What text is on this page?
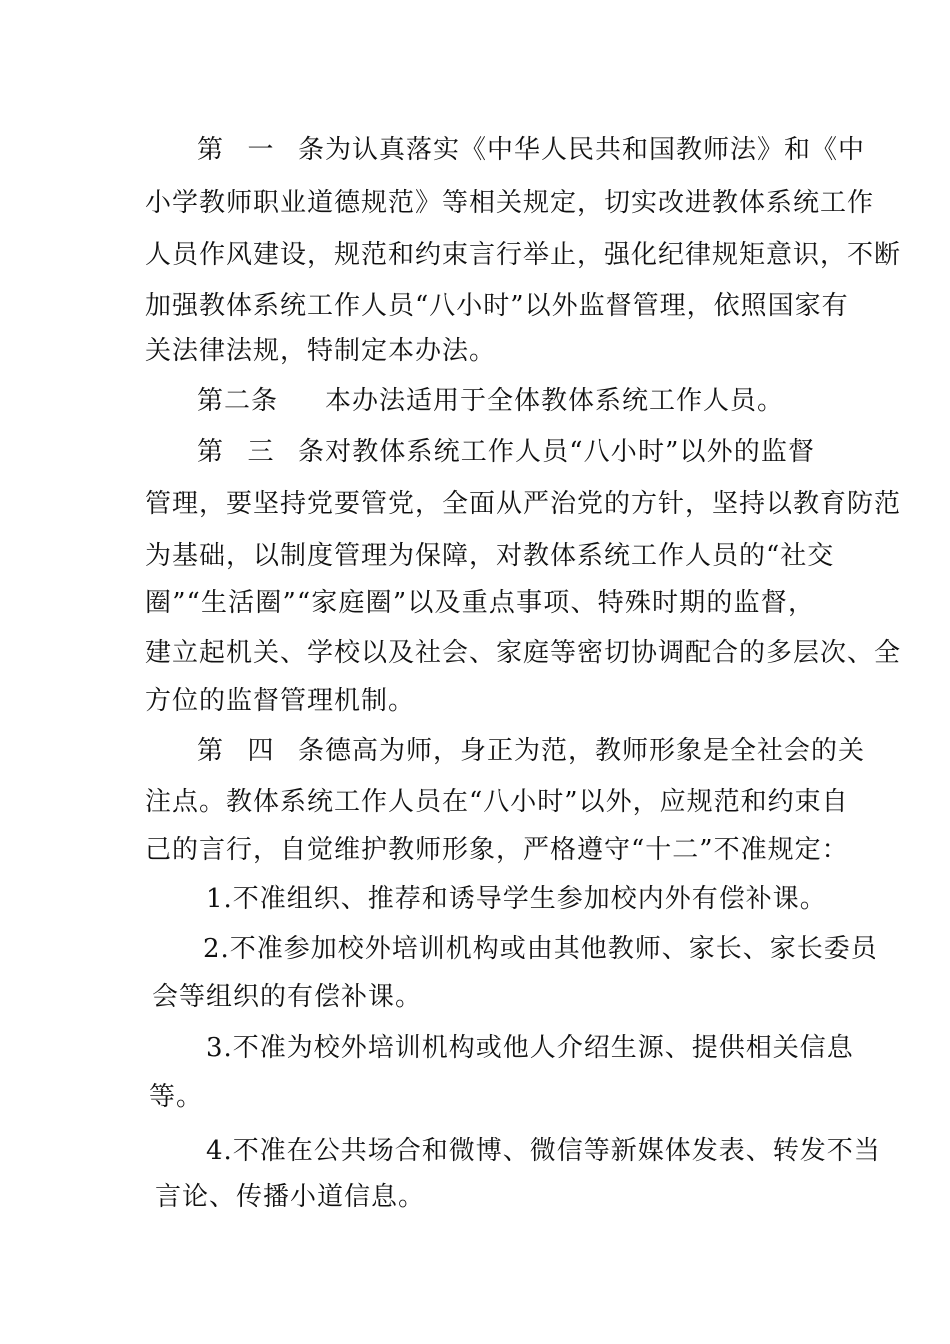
第一条为认真落实《中华人民共和国教师法》和《中
小学教师职业道德规范》等相关规定，切实改进教体系统工作
人员作风建设，规范和约束言行举止，强化纪律规矩意识，不断
加强教体系统工作人员“八小时”以外监督管理，依照国家有
关法律法规，特制定本办法。
第二条 本办法适用于全体教体系统工作人员。
第三条对教体系统工作人员“八小时”以外的监督
管理，要坚持党要管党，全面从严治党的方针，坚持以教育防范
为基础，以制度管理为保障，对教体系统工作人员的“社交
圈”“生活圈”“家庭圈”以及重点事项、特殊时期的监督，
建立起机关、学校以及社会、家庭等密切协调配合的多层次、全
方位的监督管理机制。
第四条德高为师，身正为范，教师形象是全社会的关
注点。教体系统工作人员在“八小时”以外，应规范和约束自
己的言行，自觉维护教师形象，严格遵守“十二”不准规定：
1.不准组织、推荐和诱导学生参加校内外有偿补课。
2.不准参加校外培训机构或由其他教师、家长、家长委员
会等组织的有偿补课。
3.不准为校外培训机构或他人介绍生源、提供相关信息
等。
4.不准在公共场合和微博、微信等新媒体发表、转发不当
言论、传播小道信息。
